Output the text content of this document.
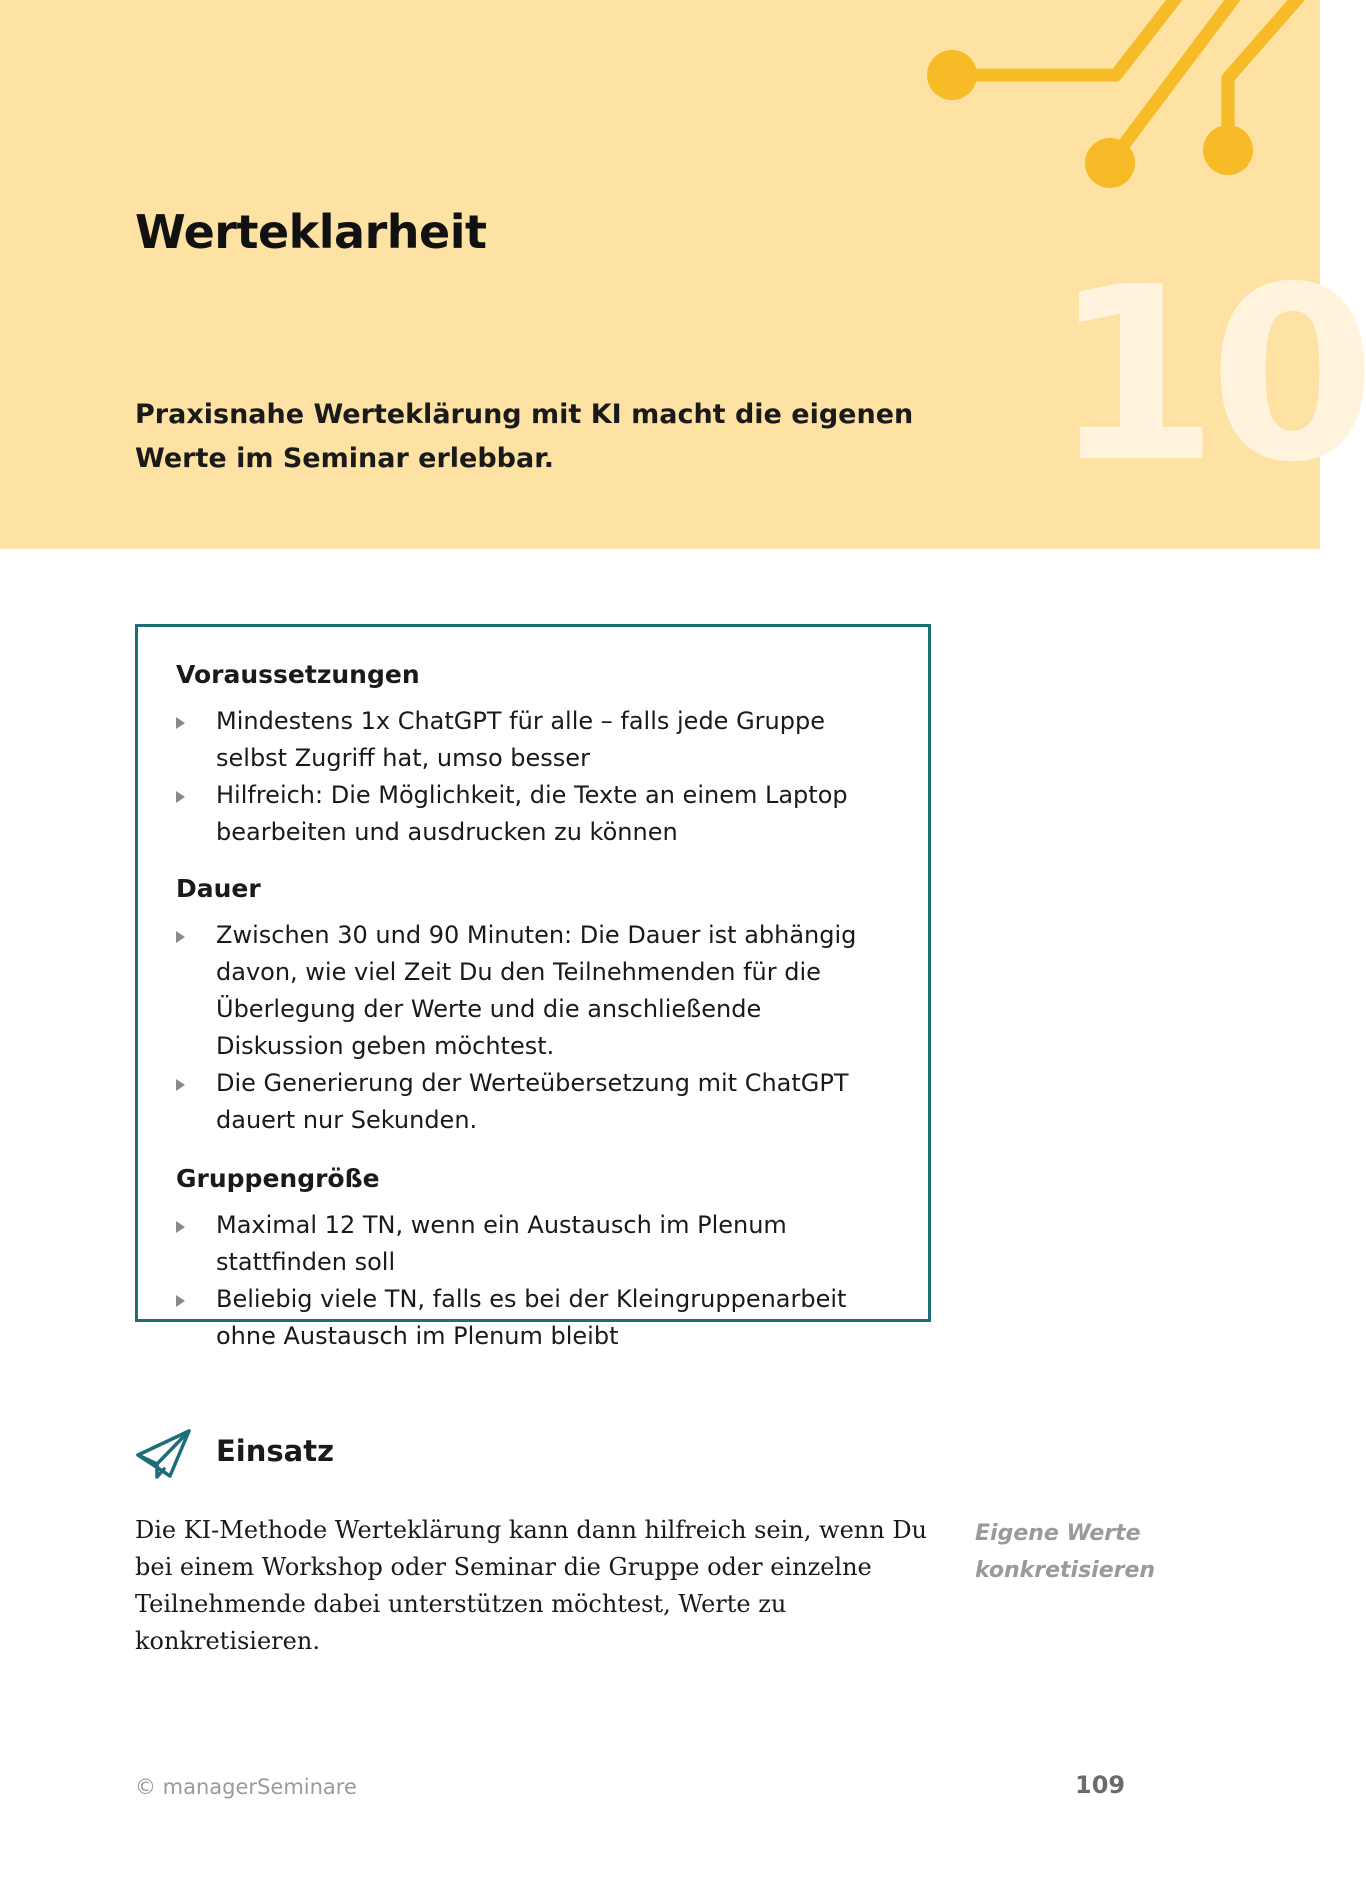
10
Werteklarheit

Praxisnahe Werteklärung mit KI macht die eigenen Werte im Seminar erlebbar.

Voraussetzungen
Mindestens 1x ChatGPT für alle – falls jede Gruppe selbst Zugriff hat, umso besser
Hilfreich: Die Möglichkeit, die Texte an einem Laptop bearbeiten und ausdrucken zu können
Dauer
Zwischen 30 und 90 Minuten: Die Dauer ist abhängig davon, wie viel Zeit Du den Teilnehmenden für die Überlegung der Werte und die anschließende Diskussion geben möchtest.
Die Generierung der Werteübersetzung mit ChatGPT dauert nur Sekunden.
Gruppengröße
Maximal 12 TN, wenn ein Austausch im Plenum stattfinden soll
Beliebig viele TN, falls es bei der Kleingruppenarbeit ohne Austausch im Plenum bleibt
Einsatz

Die KI-Methode Werteklärung kann dann hilfreich sein, wenn Du bei einem Workshop oder Seminar die Gruppe oder einzelne Teilnehmende dabei unterstützen möchtest, Werte zu konkretisieren.

Eigene Werte konkretisieren
© managerSeminare	109
